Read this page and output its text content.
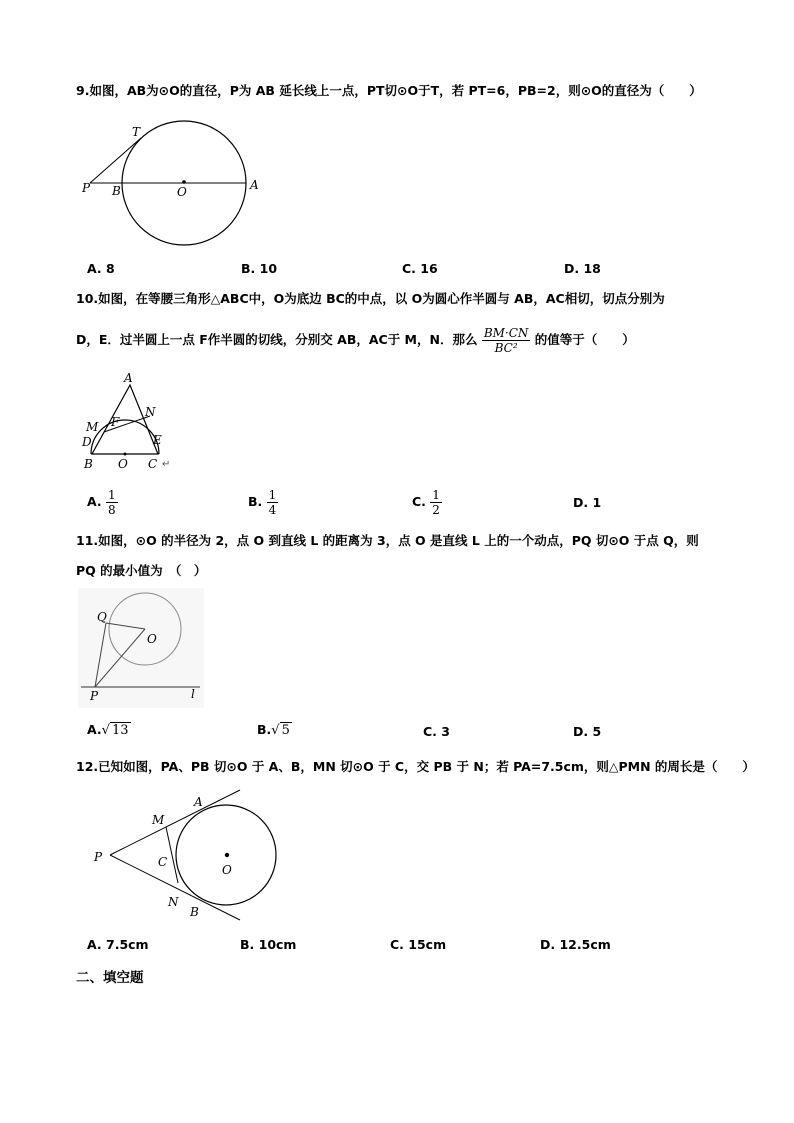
9.如图，AB为⊙O的直径，P为 AB 延长线上一点，PT切⊙O于T，若 PT=6，PB=2，则⊙O的直径为（　　）
T
P B	O	A
A. 8	B. 10	C. 16	D. 18
10.如图，在等腰三角形△ABC中，O为底边 BC的中点，以 O为圆心作半圆与 AB，AC相切，切点分别为
D，E．过半圆上一点 F作半圆的切线，分别交 AB，AC于 M，N．那么 $\frac{BM\cdot CN}{\text{BC²}}$ 的值等于（　　）
A
M F
N
D	E
B O C ↵
A. $\frac{1}{8}$	B. $\frac{1}{4}$	C. $\frac{1}{2}$	D. 1
11.如图，⊙O 的半径为 2，点 O 到直线 L 的距离为 3，点 O 是直线 L 上的一个动点，PQ 切⊙O 于点 Q，则
PQ 的最小值为　（　）
Q
O
P	l
A.√ 13	B.√ 5	C. 3	D. 5
12.已知如图，PA、PB 切⊙O 于 A、B，MN 切⊙O 于 C，交 PB 于 N；若 PA=7.5cm，则△PMN 的周长是（　　）
A
M
P	C
O
N
B
A. 7.5cm	B. 10cm	C. 15cm	D. 12.5cm
二、填空题
